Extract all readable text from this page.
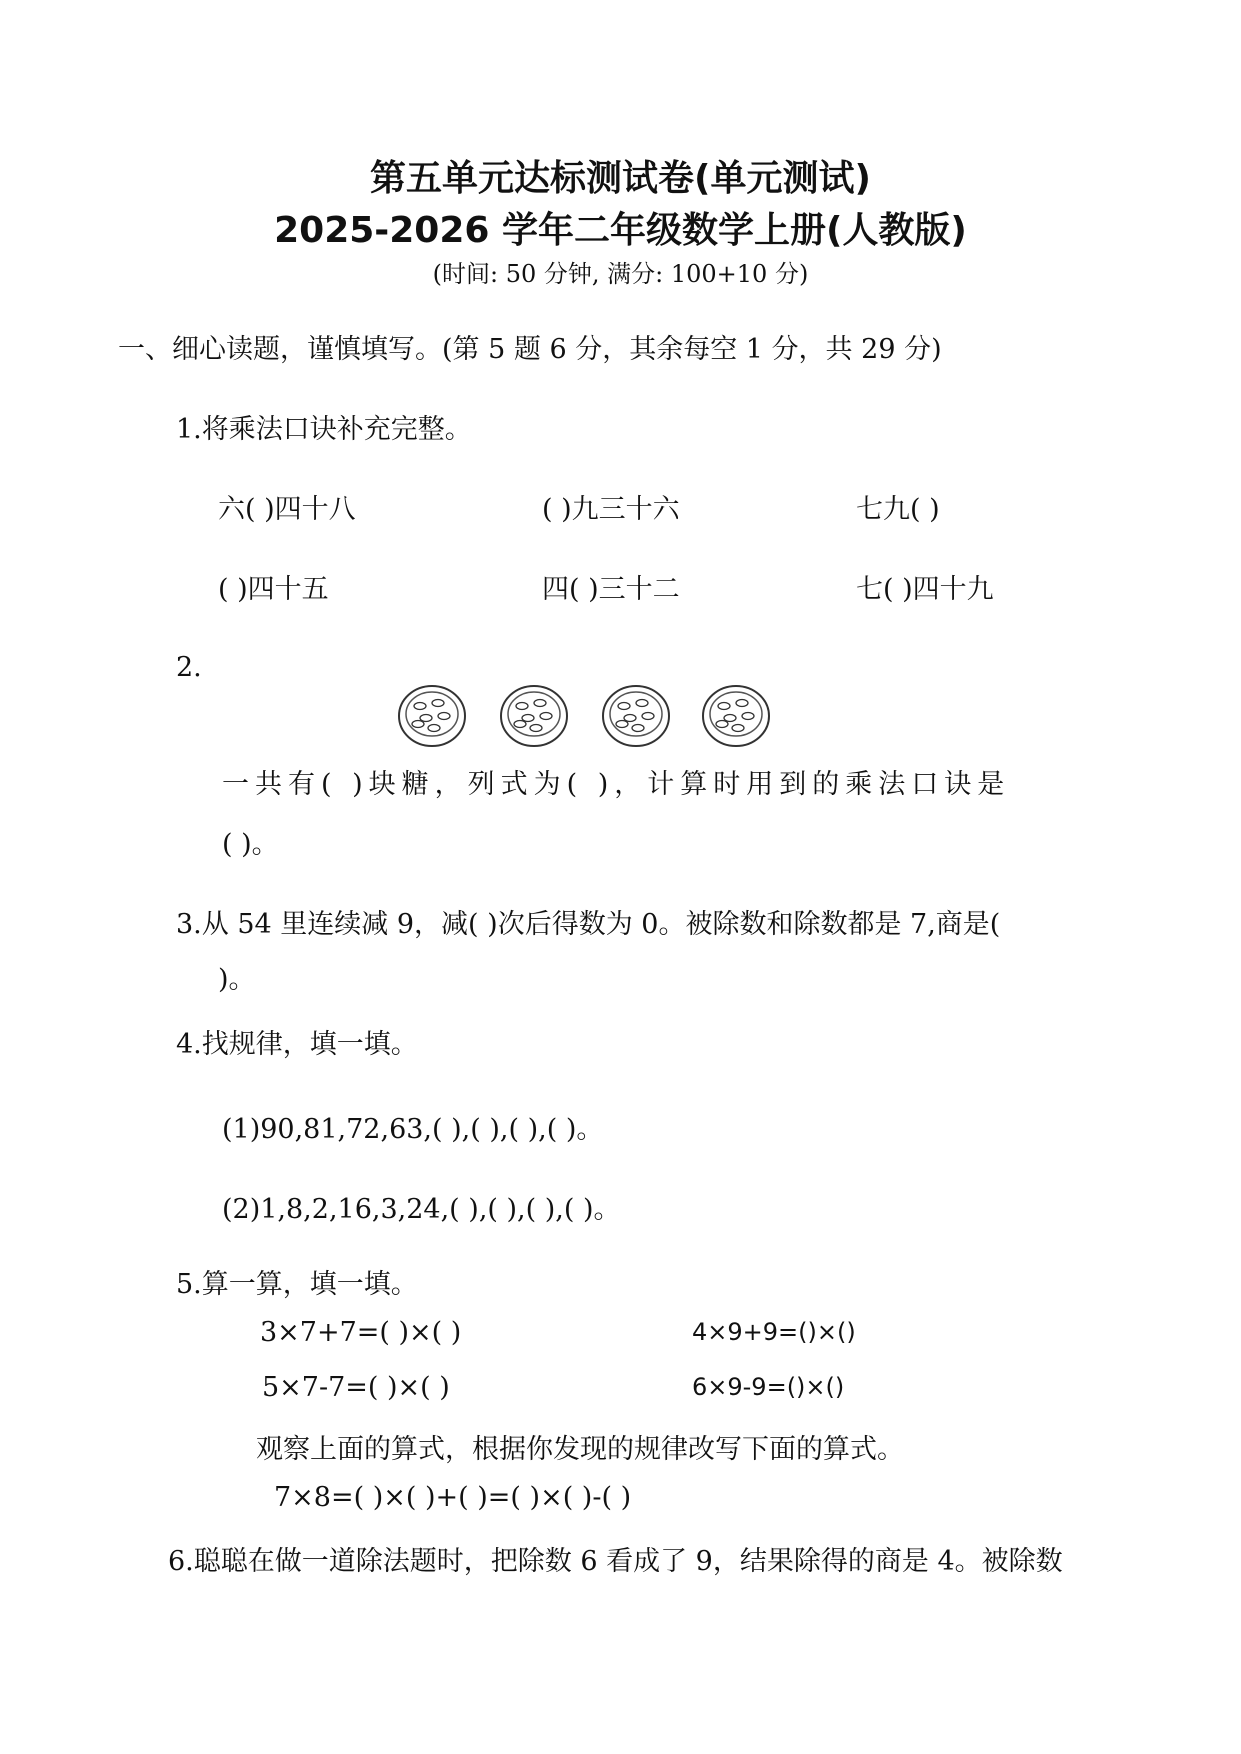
第五单元达标测试卷(单元测试)
2025-2026 学年二年级数学上册(人教版)
(时间: 50 分钟, 满分: 100+10 分)
一、细心读题，谨慎填写。(第 5 题 6 分，其余每空 1 分，共 29 分)
1.将乘法口诀补充完整。
六( )四十八	( )九三十六	七九( )
( )四十五	四( )三十二	七( )四十九
2.
一共有( )块糖，列式为( )，计算时用到的乘法口诀是
( )。
3.从 54 里连续减 9，减( )次后得数为 0。被除数和除数都是 7,商是(
)。
4.找规律，填一填。
(1)90,81,72,63,( ),( ),( ),( )。
(2)1,8,2,16,3,24,( ),( ),( ),( )。
5.算一算，填一填。
3×7+7=( )×( )	4×9+9=()×()
5×7-7=( )×( )	6×9-9=()×()
观察上面的算式，根据你发现的规律改写下面的算式。
7×8=( )×( )+( )=( )×( )-( )
6.聪聪在做一道除法题时，把除数 6 看成了 9，结果除得的商是 4。被除数
